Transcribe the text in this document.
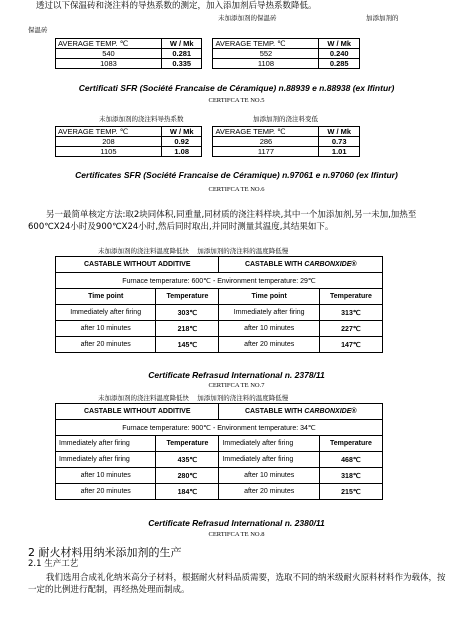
透过以下保温砖和浇注料的导热系数的测定，加入添加剂后导热系数降低。
保温砖
未加添加剂的保温砖	加添加剂的
AVERAGE TEMP. ℃	W / Mk		AVERAGE TEMP. ℃	W / Mk
540	0.281		552	0.240
1083	0.335		1108	0.285
Certificati SFR (Société Francaise de Céramique) n.88939 e n.88938 (ex Ifintur)
CERTIFCA TE NO.5
未加添加剂的浇注料导热系数	加添加剂的浇注料变低
AVERAGE TEMP. ℃	W / Mk		AVERAGE TEMP. ℃	W / Mk
208	0.92		286	0.73
1105	1.08		1177	1.01
Certificates SFR (Société Francaise de Céramique) n.97061 e n.97060 (ex Ifintur)
CERTIFCA TE NO.6
另一最简单核定方法:取2块同体积,同重量,同材质的浇注料样块,其中一个加添加剂,另一未加,加热至600℃X24小时及900℃X24小时,然后同时取出,并同时测量其温度,其结果如下。
未加添加剂的浇注料温度降低快    加添加剂的浇注料的温度降低慢
CASTABLE WITHOUT ADDITIVE		CASTABLE WITH CARBONXIDE®	
Furnace temperature: 600℃ - Environment temperature: 29℃			
Time point	Temperature	Time point	Temperature
Immediately after firing	303℃	Immediately after firing	313℃
after 10 minutes	218℃	after 10 minutes	227℃
after 20 minutes	145℃	after 20 minutes	147℃
Certificate Refrasud International n. 2378/11
CERTIFCA TE NO.7
未加添加剂的浇注料温度降低快    加添加剂的浇注料的温度降低慢
CASTABLE WITHOUT ADDITIVE		CASTABLE WITH CARBONXIDE®	
Furnace temperature: 900℃ - Environment temperature: 34℃			
Immediately after firing	Temperature	Immediately after firing	Temperature
Immediately after firing	435℃	Immediately after firing	468℃
after 10 minutes	280℃	after 10 minutes	318℃
after 20 minutes	184℃	after 20 minutes	215℃
Certificate Refrasud International n. 2380/11
CERTIFCA TE NO.8
2 耐火材料用纳米添加剂的生产
2.1 生产工艺
我们选用合成礼化纳米高分子材料，根据耐火材料品质需要，选取不同的纳米级耐火原料材料作为载体，按一定的比例进行配制，再经热处理而制成。
